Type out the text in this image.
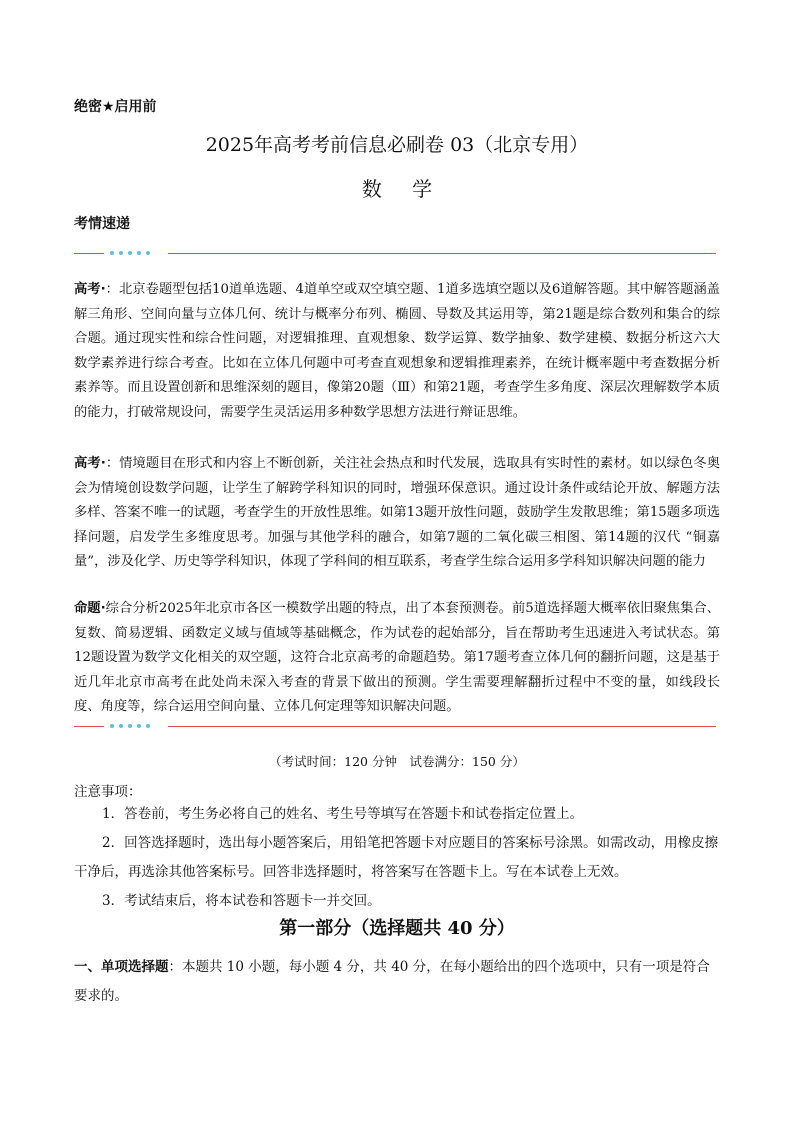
绝密★启用前
2025年高考考前信息必刷卷 03（北京专用）
数 学
考情速递
高考·：北京卷题型包括10道单选题、4道单空或双空填空题、1道多选填空题以及6道解答题。其中解答题涵盖解三角形、空间向量与立体几何、统计与概率分布列、椭圆、导数及其运用等，第21题是综合数列和集合的综合题。通过现实性和综合性问题，对逻辑推理、直观想象、数学运算、数学抽象、数学建模、数据分析这六大数学素养进行综合考查。比如在立体几何题中可考查直观想象和逻辑推理素养，在统计概率题中考查数据分析素养等。而且设置创新和思维深刻的题目，像第20题（Ⅲ）和第21题，考查学生多角度、深层次理解数学本质的能力，打破常规设问，需要学生灵活运用多种数学思想方法进行辩证思维。
高考·：情境题目在形式和内容上不断创新，关注社会热点和时代发展，选取具有实时性的素材。如以绿色冬奥会为情境创设数学问题，让学生了解跨学科知识的同时，增强环保意识。通过设计条件或结论开放、解题方法多样、答案不唯一的试题，考查学生的开放性思维。如第13题开放性问题，鼓励学生发散思维；第15题多项选择问题，启发学生多维度思考。加强与其他学科的融合，如第7题的二氧化碳三相图、第14题的汉代 “铜嘉量”，涉及化学、历史等学科知识，体现了学科间的相互联系，考查学生综合运用多学科知识解决问题的能力
命题·综合分析2025年北京市各区一模数学出题的特点，出了本套预测卷。前5道选择题大概率依旧聚焦集合、复数、简易逻辑、函数定义域与值域等基础概念，作为试卷的起始部分，旨在帮助考生迅速进入考试状态。第12题设置为数学文化相关的双空题，这符合北京高考的命题趋势。第17题考查立体几何的翻折问题，这是基于近几年北京市高考在此处尚未深入考查的背景下做出的预测。学生需要理解翻折过程中不变的量，如线段长度、角度等，综合运用空间向量、立体几何定理等知识解决问题。
（考试时间：120 分钟　试卷满分：150 分）
注意事项：

1．答卷前，考生务必将自己的姓名、考生号等填写在答题卡和试卷指定位置上。

2．回答选择题时，选出每小题答案后，用铅笔把答题卡对应题目的答案标号涂黑。如需改动，用橡皮擦干净后，再选涂其他答案标号。回答非选择题时，将答案写在答题卡上。写在本试卷上无效。

3．考试结束后，将本试卷和答题卡一并交回。

第一部分（选择题共 40 分）
一、单项选择题：本题共 10 小题，每小题 4 分，共 40 分，在每小题给出的四个选项中，只有一项是符合要求的。
